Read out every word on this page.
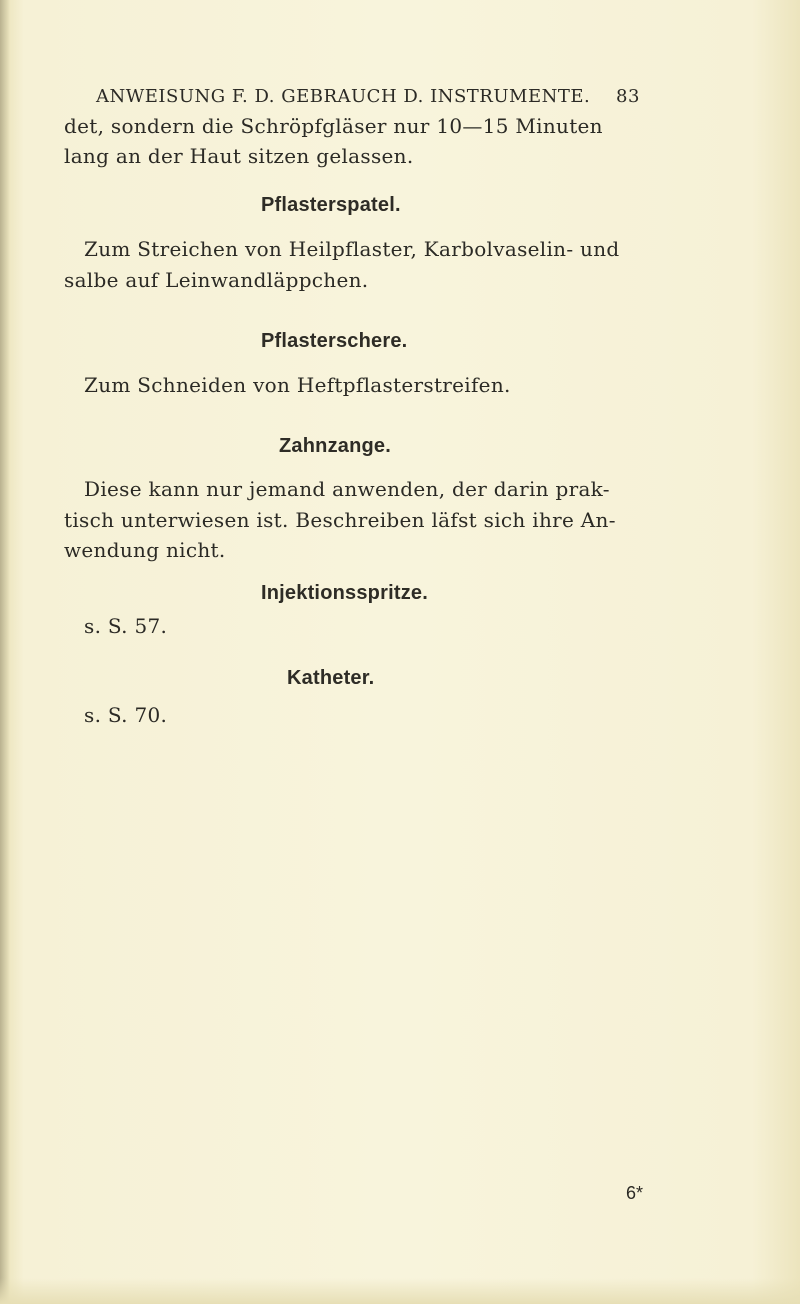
ANWEISUNG F. D. GEBRAUCH D. INSTRUMENTE. 83
det, sondern die Schröpfgläser nur 10—15 Minuten
lang an der Haut sitzen gelassen.
Pflasterspatel.
Zum Streichen von Heilpflaster, Karbolvaselin- und
salbe auf Leinwandläppchen.
Pflasterschere.
Zum Schneiden von Heftpflasterstreifen.
Zahnzange.
Diese kann nur jemand anwenden, der darin prak-
tisch unterwiesen ist. Beschreiben läfst sich ihre An-
wendung nicht.
Injektionsspritze.
s. S. 57.
Katheter.
s. S. 70.
6*
